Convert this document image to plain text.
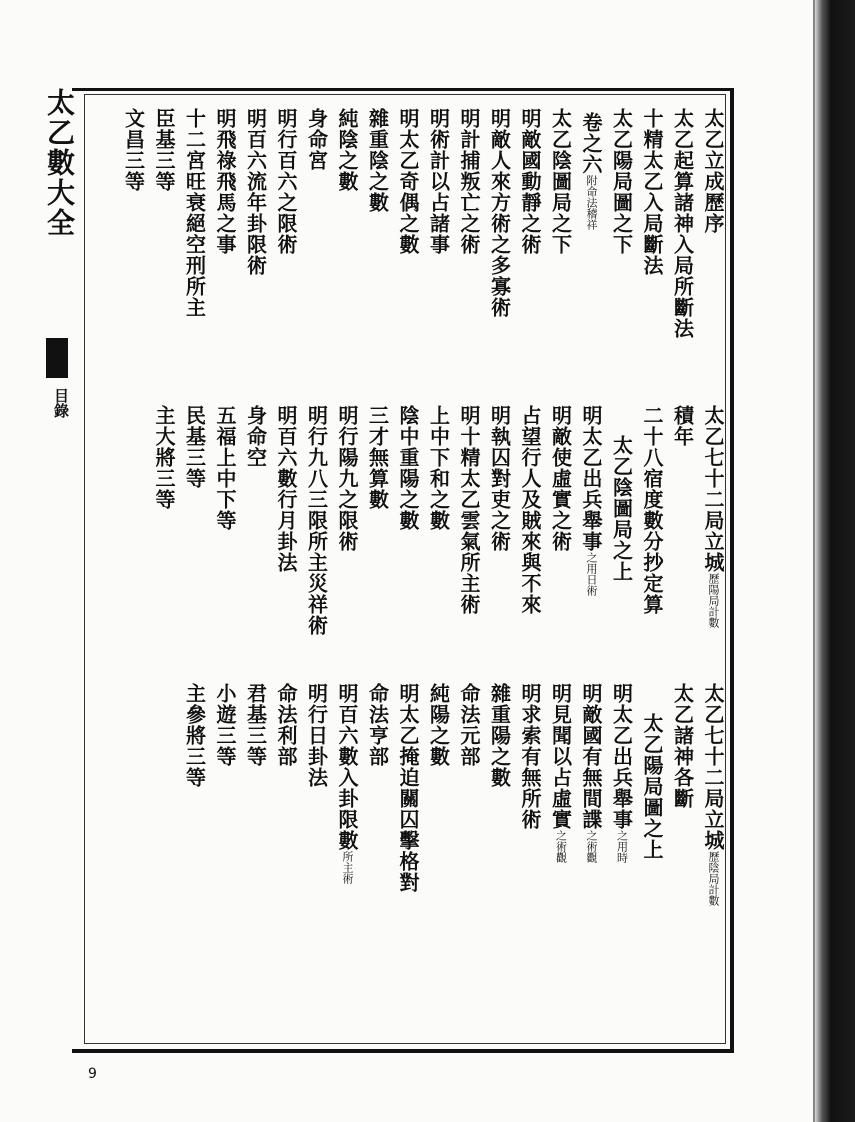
太乙數大全
目錄
太乙立成歷序
太乙起算諸神入局所斷法
十精太乙入局斷法
太乙陽局圖之下
卷之六附命法稽祥
太乙陰圖局之下
明敵國動靜之術
明敵人來方術之多寡術
明計捕叛亡之術
明術計以占諸事
明太乙奇偶之數
雜重陰之數
純陰之數
身命宮
明行百六之限術
明百六流年卦限術
明飛祿飛馬之事
十二宮旺衰絕空刑所主
臣基三等
文昌三等
太乙七十二局立城歷陽局計數
積年
二十八宿度數分抄定算
太乙陰圖局之上
明太乙出兵舉事之用日術
明敵使虛實之術
占望行人及賊來與不來
明執囚對吏之術
明十精太乙雲氣所主術
上中下和之數
陰中重陽之數
三才無算數
明行陽九之限術
明行九八三限所主災祥術
明百六數行月卦法
身命空
五福上中下等
民基三等
主大將三等
太乙七十二局立城歷陰局計數
太乙諸神各斷
太乙陽局圖之上
明太乙出兵舉事之用時
明敵國有無間諜之術觀
明見聞以占虛實之術觀
明求索有無所術
雜重陽之數
命法元部
純陽之數
明太乙掩迫關囚擊格對
命法亨部
明百六數入卦限數所主術
明行日卦法
命法利部
君基三等
小遊三等
主參將三等
9
